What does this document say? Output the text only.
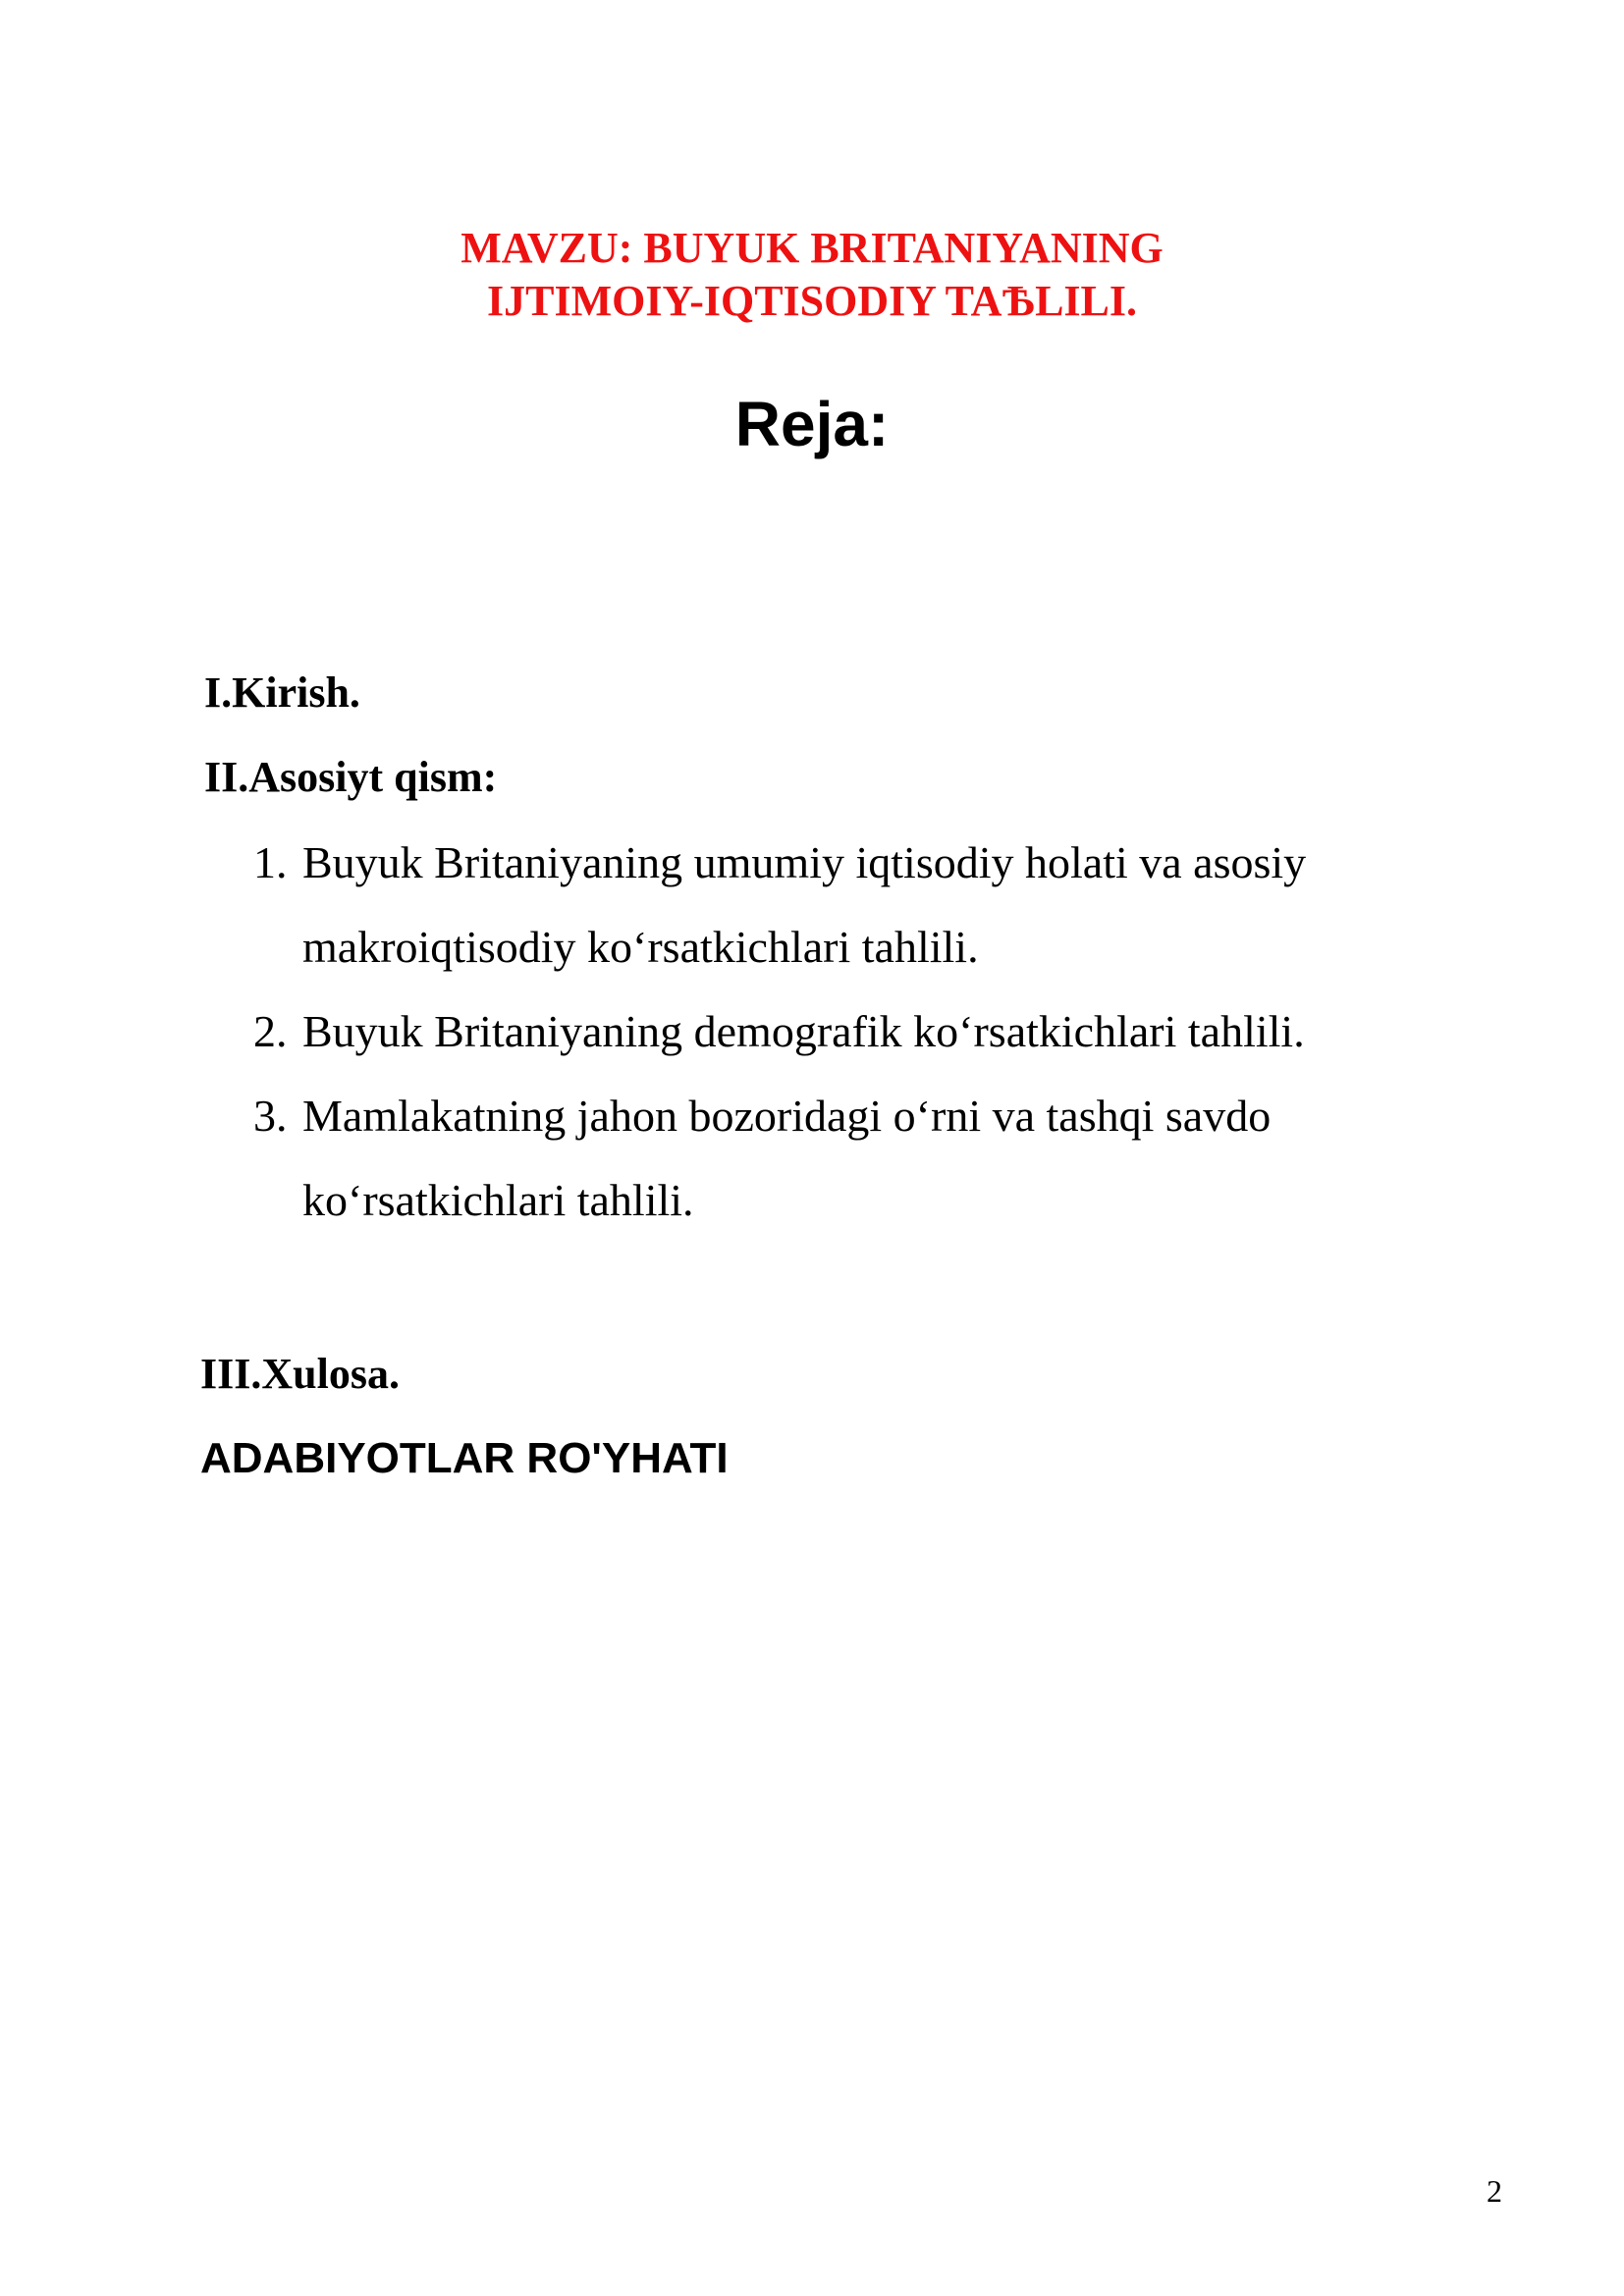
MAVZU: BUYUK BRITANIYANING
IJTIMOIY-IQTISODIY TAѢLILI.
Reja:
I.Kirish.
II.Asosiyt qism:
1. Buyuk Britaniyaning umumiy iqtisodiy holati va asosiy
makroiqtisodiy ko‘rsatkichlari tahlili.
2. Buyuk Britaniyaning demografik ko‘rsatkichlari tahlili.
3. Mamlakatning jahon bozoridagi o‘rni va tashqi savdo
ko‘rsatkichlari tahlili.
III.Xulosa.
ADABIYOTLAR RO'YHATI
2
